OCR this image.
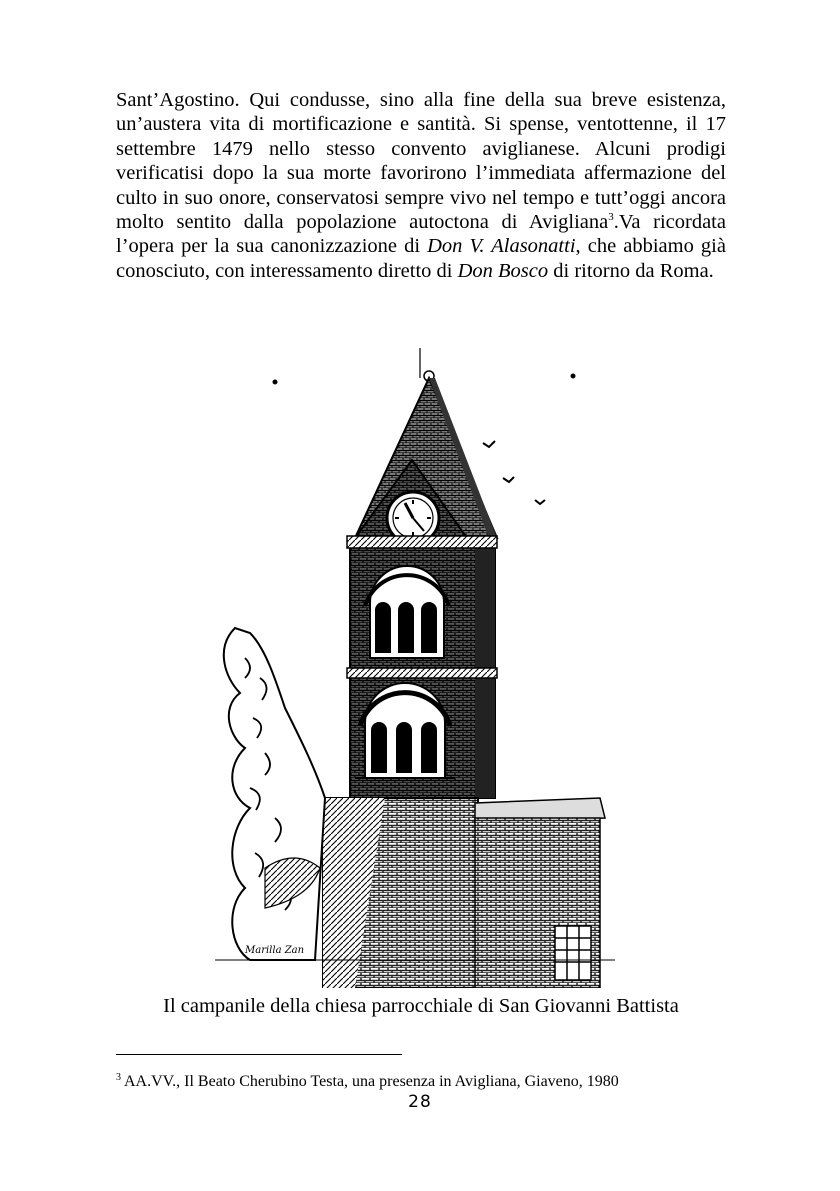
Sant’Agostino. Qui condusse, sino alla fine della sua breve esistenza, un’austera vita di mortificazione e santità. Si spense, ventottenne, il 17 settembre 1479 nello stesso convento aviglianese. Alcuni prodigi verificatisi dopo la sua morte favorirono l’immediata affermazione del culto in suo onore, conservatosi sempre vivo nel tempo e tutt’oggi ancora molto sentito dalla popolazione autoctona di Avigliana$^3$.Va ricordata l’opera per la sua canonizzazione di Don V. Alasonatti, che abbiamo già conosciuto, con interessamento diretto di Don Bosco di ritorno da Roma.

Marilla Zan

Il campanile della chiesa parrocchiale di San Giovanni Battista

$^3$ AA.VV., Il Beato Cherubino Testa, una presenza in Avigliana, Giaveno, 1980

28
